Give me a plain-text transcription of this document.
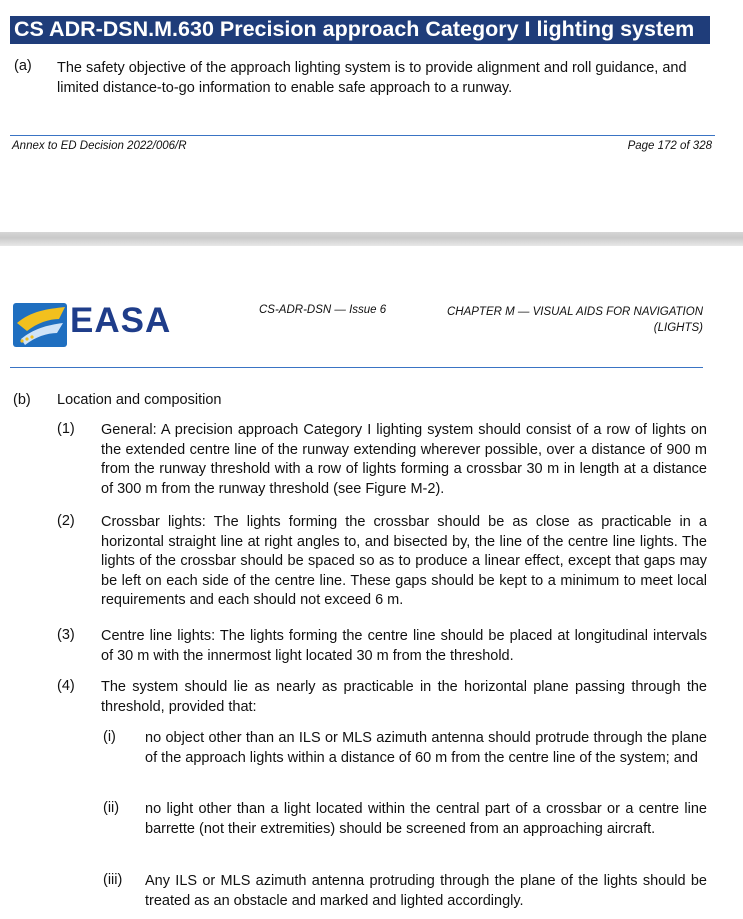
CS ADR-DSN.M.630 Precision approach Category I lighting system
(a) The safety objective of the approach lighting system is to provide alignment and roll guidance, and limited distance-to-go information to enable safe approach to a runway.
Annex to ED Decision 2022/006/R	Page 172 of 328
EASA	CS-ADR-DSN — Issue 6	CHAPTER M — VISUAL AIDS FOR NAVIGATION (LIGHTS)
(b) Location and composition
(1) General: A precision approach Category I lighting system should consist of a row of lights on the extended centre line of the runway extending wherever possible, over a distance of 900 m from the runway threshold with a row of lights forming a crossbar 30 m in length at a distance of 300 m from the runway threshold (see Figure M-2).
(2) Crossbar lights: The lights forming the crossbar should be as close as practicable in a horizontal straight line at right angles to, and bisected by, the line of the centre line lights. The lights of the crossbar should be spaced so as to produce a linear effect, except that gaps may be left on each side of the centre line. These gaps should be kept to a minimum to meet local requirements and each should not exceed 6 m.
(3) Centre line lights: The lights forming the centre line should be placed at longitudinal intervals of 30 m with the innermost light located 30 m from the threshold.
(4) The system should lie as nearly as practicable in the horizontal plane passing through the threshold, provided that:
(i) no object other than an ILS or MLS azimuth antenna should protrude through the plane of the approach lights within a distance of 60 m from the centre line of the system; and
(ii) no light other than a light located within the central part of a crossbar or a centre line barrette (not their extremities) should be screened from an approaching aircraft.
(iii) Any ILS or MLS azimuth antenna protruding through the plane of the lights should be treated as an obstacle and marked and lighted accordingly.
